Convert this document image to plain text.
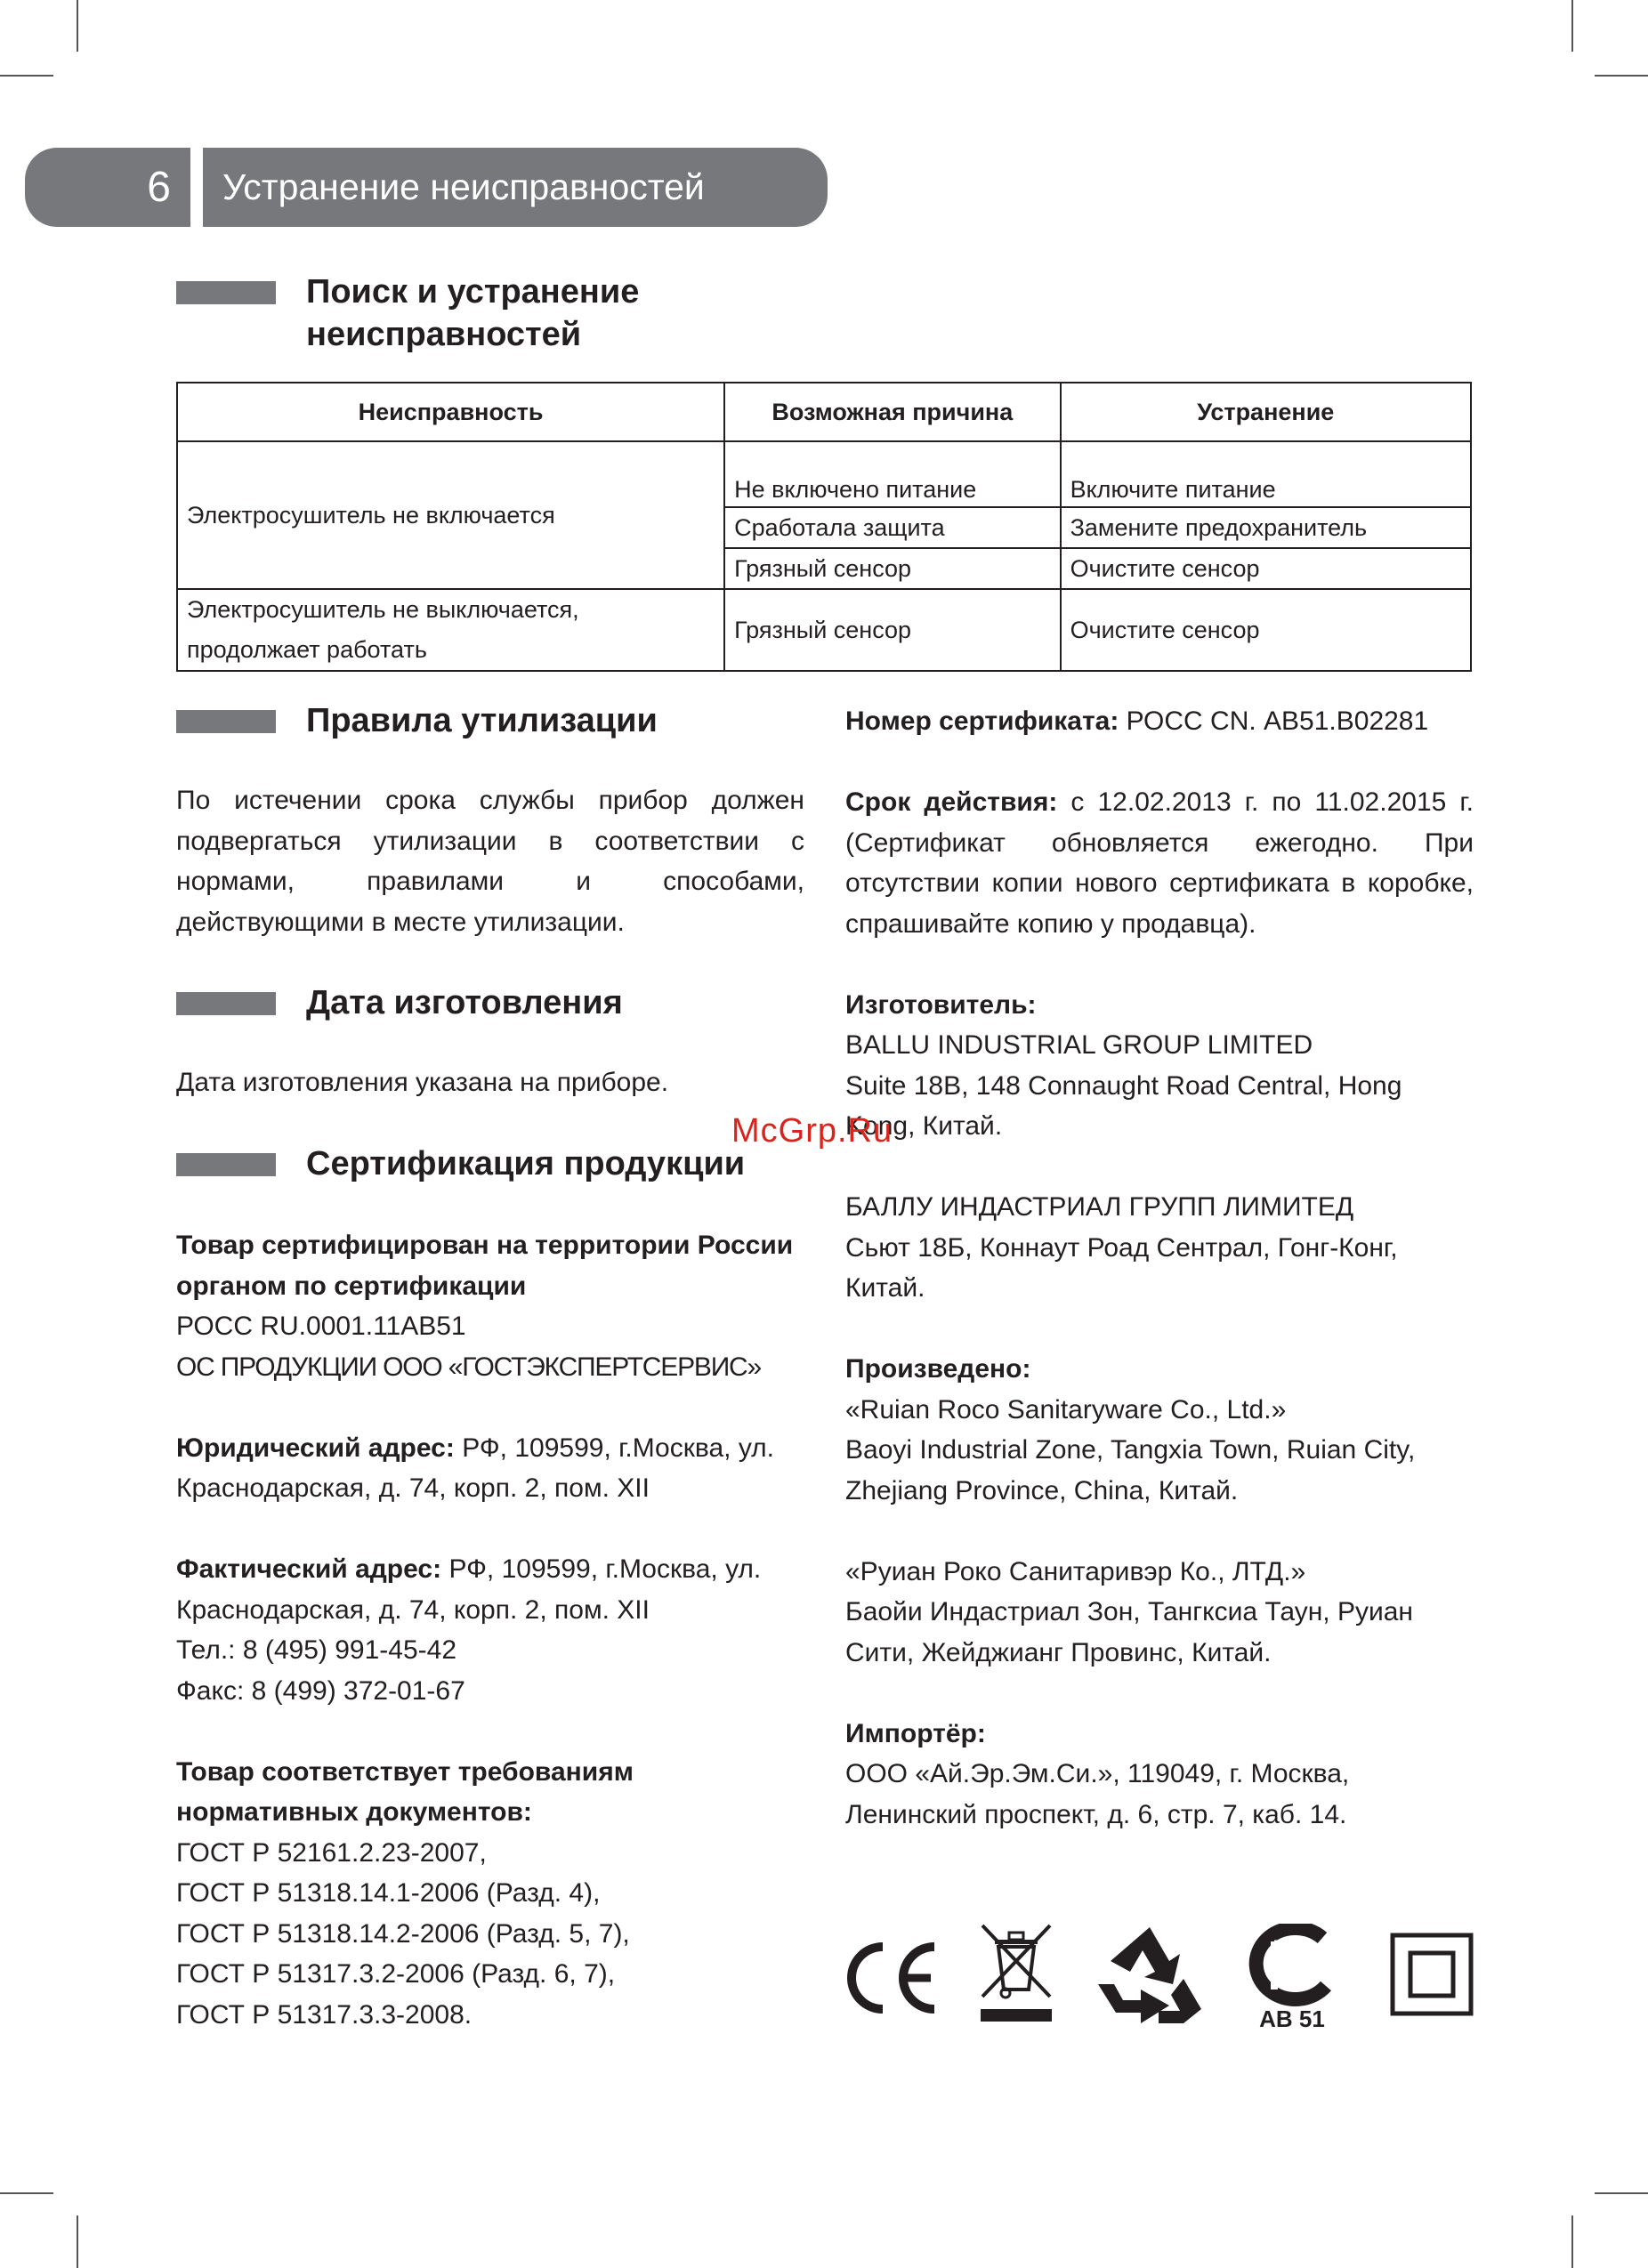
6	Устранение неисправностей
Поиск и устранение неисправностей
Неисправность	Возможная причина	Устранение
Электросушитель не включается	Не включено питание	Включите питание
	Сработала защита	Замените предохранитель
	Грязный сенсор	Очистите сенсор
Электросушитель не выключается, продолжает работать	Грязный сенсор	Очистите сенсор
Правила утилизации
По истечении срока службы прибор должен подвергаться утилизации в соответствии с нормами, правилами и способами, действующими в месте утилизации.
Дата изготовления
Дата изготовления указана на приборе.
Сертификация продукции

Товар сертифицирован на территории России органом по сертификации

РОСС RU.0001.11АВ51

ОС ПРОДУКЦИИ ООО «ГОСТЭКСПЕРТСЕРВИС»

Юридический адрес: РФ, 109599, г.Москва, ул. Краснодарская, д. 74, корп. 2, пом. XII

Фактический адрес: РФ, 109599, г.Москва, ул. Краснодарская, д. 74, корп. 2, пом. XII

Тел.: 8 (495) 991-45-42

Факс: 8 (499) 372-01-67

Товар соответствует требованиям нормативных документов:

ГОСТ Р 52161.2.23-2007,

ГОСТ Р 51318.14.1-2006 (Разд. 4),

ГОСТ Р 51318.14.2-2006 (Разд. 5, 7),

ГОСТ Р 51317.3.2-2006 (Разд. 6, 7),

ГОСТ Р 51317.3.3-2008.

Номер сертификата: РОСС CN. АВ51.В02281

Срок действия: с 12.02.2013 г. по 11.02.2015 г. (Сертификат обновляется ежегодно. При отсутствии копии нового сертификата в коробке, спрашивайте копию у продавца).

Изготовитель:

BALLU INDUSTRIAL GROUP LIMITED

Suite 18B, 148 Connaught Road Central, Hong Kong, Китай.

БАЛЛУ ИНДАСТРИАЛ ГРУПП ЛИМИТЕД

Сьют 18Б, Коннаут Роад Сентрал, Гонг-Конг, Китай.

Произведено:

«Ruian Roco Sanitaryware Co., Ltd.»

Baoyi Industrial Zone, Tangxia Town, Ruian City, Zhejiang Province, China, Китай.

«Руиан Роко Санитаривэр Ко., ЛТД.»

Баойи Индастриал Зон, Тангксиа Таун, Руиан Сити, Жейджианг Провинс, Китай.

Импортёр:

ООО «Ай.Эр.Эм.Си.», 119049, г. Москва, Ленинский проспект, д. 6, стр. 7, каб. 14.

McGrp.Ru
АВ 51
